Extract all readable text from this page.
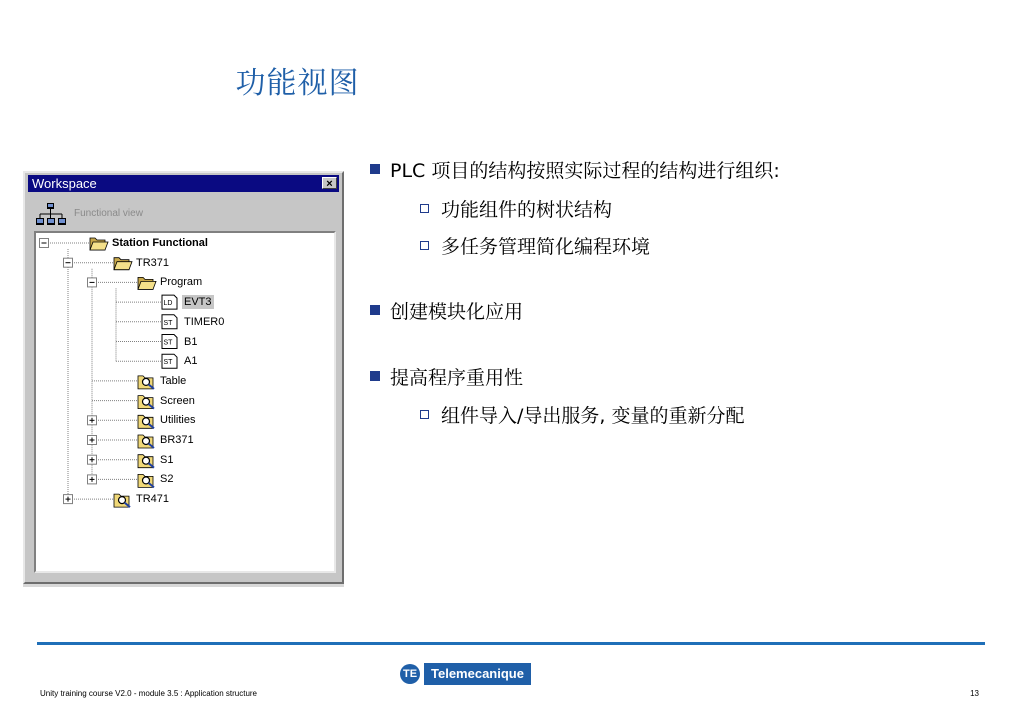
功能视图
Workspace	×
Functional view
LD
ST
ST
ST
Station Functional
TR371
Program
EVT3
TIMER0
B1
A1
Table
Screen
Utilities
BR371
S1
S2
TR471
PLC 项目的结构按照实际过程的结构进行组织:
功能组件的树状结构
多任务管理简化编程环境
创建模块化应用
提高程序重用性
组件导入/导出服务, 变量的重新分配
TE	Telemecanique
Unity training course V2.0 - module 3.5 : Application structure	13
